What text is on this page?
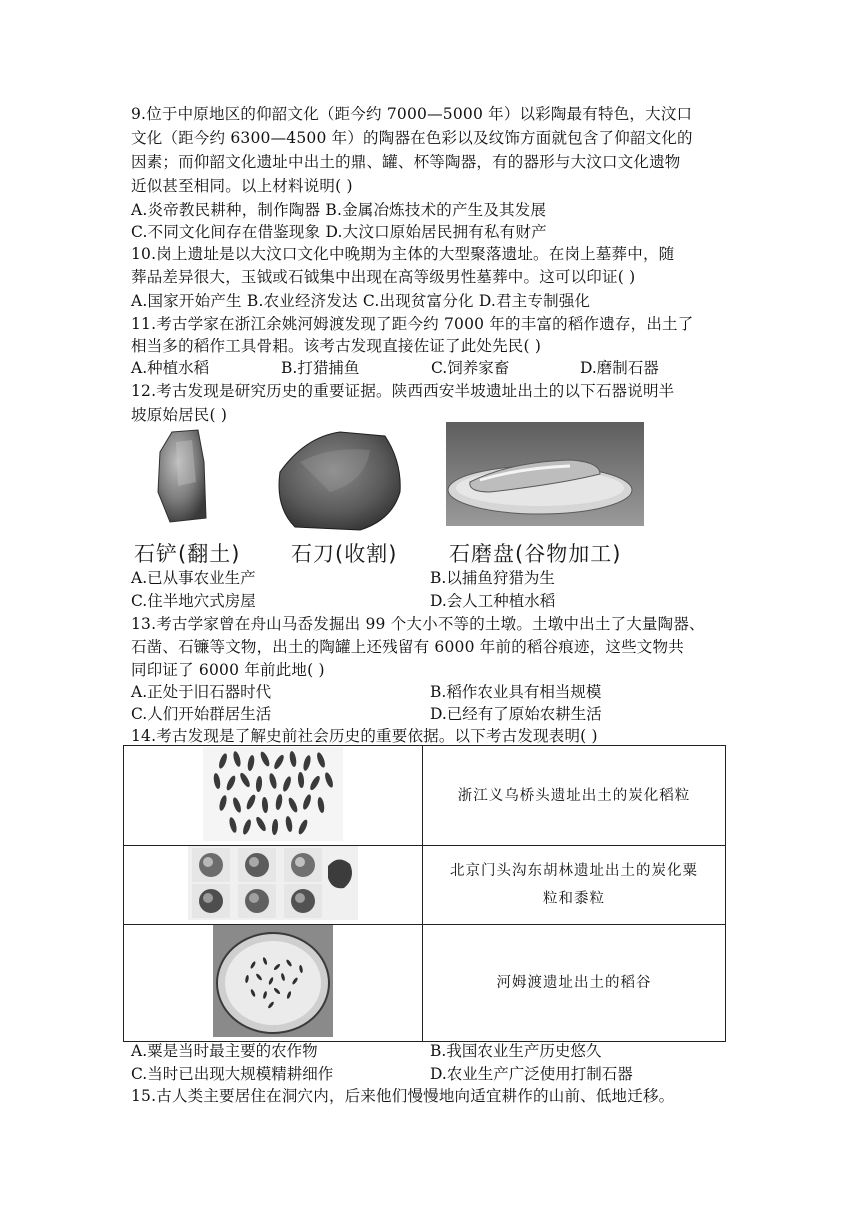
9.位于中原地区的仰韶文化（距今约 7000—5000 年）以彩陶最有特色，大汶口
文化（距今约 6300—4500 年）的陶器在色彩以及纹饰方面就包含了仰韶文化的
因素；而仰韶文化遗址中出土的鼎、罐、杯等陶器，有的器形与大汶口文化遗物
近似甚至相同。以上材料说明( )
A.炎帝教民耕种，制作陶器 B.金属冶炼技术的产生及其发展
C.不同文化间存在借鉴现象 D.大汶口原始居民拥有私有财产
10.岗上遗址是以大汶口文化中晚期为主体的大型聚落遗址。在岗上墓葬中，随
葬品差异很大，玉钺或石钺集中出现在高等级男性墓葬中。这可以印证( )
A.国家开始产生 B.农业经济发达 C.出现贫富分化 D.君主专制强化
11.考古学家在浙江余姚河姆渡发现了距今约 7000 年的丰富的稻作遗存，出土了
相当多的稻作工具骨耜。该考古发现直接佐证了此处先民( )
A.种植水稻	B.打猎捕鱼	C.饲养家畜	D.磨制石器
12.考古发现是研究历史的重要证据。陕西西安半坡遗址出土的以下石器说明半
坡原始居民( )
石铲(翻土) 石刀(收割) 石磨盘(谷物加工)
A.已从事农业生产	B.以捕鱼狩猎为生
C.住半地穴式房屋	D.会人工种植水稻
13.考古学家曾在舟山马岙发掘出 99 个大小不等的土墩。土墩中出土了大量陶器、
石凿、石镰等文物，出土的陶罐上还残留有 6000 年前的稻谷痕迹，这些文物共
同印证了 6000 年前此地( )
A.正处于旧石器时代	B.稻作农业具有相当规模
C.人们开始群居生活	D.已经有了原始农耕生活
14.考古发现是了解史前社会历史的重要依据。以下考古发现表明( )

浙江义乌桥头遗址出土的炭化稻粒

北京门头沟东胡林遗址出土的炭化粟
粒和黍粒

河姆渡遗址出土的稻谷
A.粟是当时最主要的农作物	B.我国农业生产历史悠久
C.当时已出现大规模精耕细作	D.农业生产广泛使用打制石器
15.古人类主要居住在洞穴内，后来他们慢慢地向适宜耕作的山前、低地迁移。
